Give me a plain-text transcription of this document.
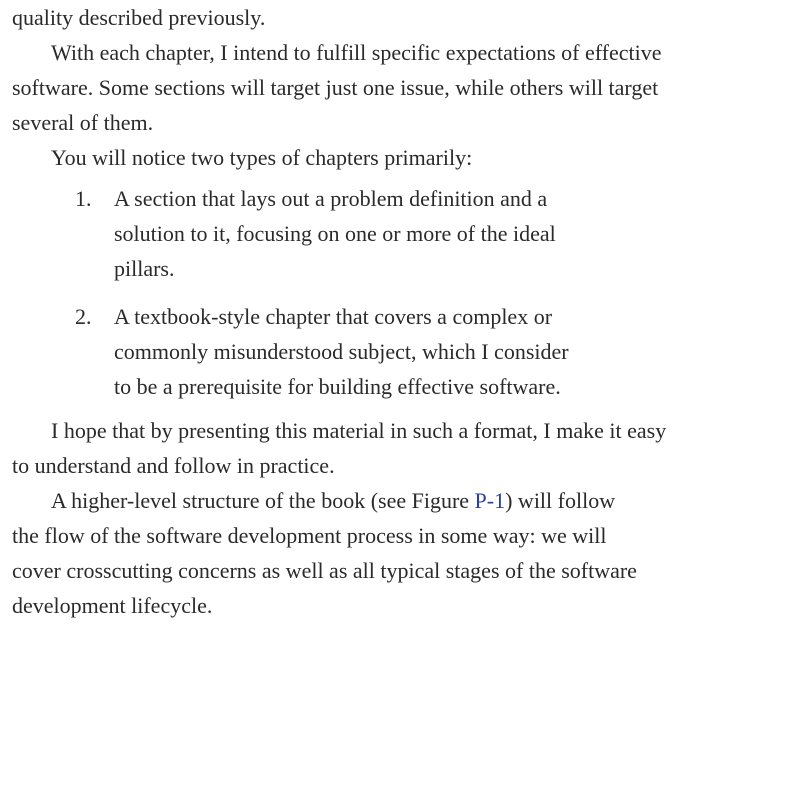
quality described previously.
With each chapter, I intend to fulfill specific expectations of effective
software. Some sections will target just one issue, while others will target
several of them.
You will notice two types of chapters primarily:
1. A section that lays out a problem definition and a
solution to it, focusing on one or more of the ideal
pillars.
2. A textbook-style chapter that covers a complex or
commonly misunderstood subject, which I consider
to be a prerequisite for building effective software.
I hope that by presenting this material in such a format, I make it easy
to understand and follow in practice.
A higher-level structure of the book (see Figure P-1) will follow
the flow of the software development process in some way: we will
cover crosscutting concerns as well as all typical stages of the software
development lifecycle.
